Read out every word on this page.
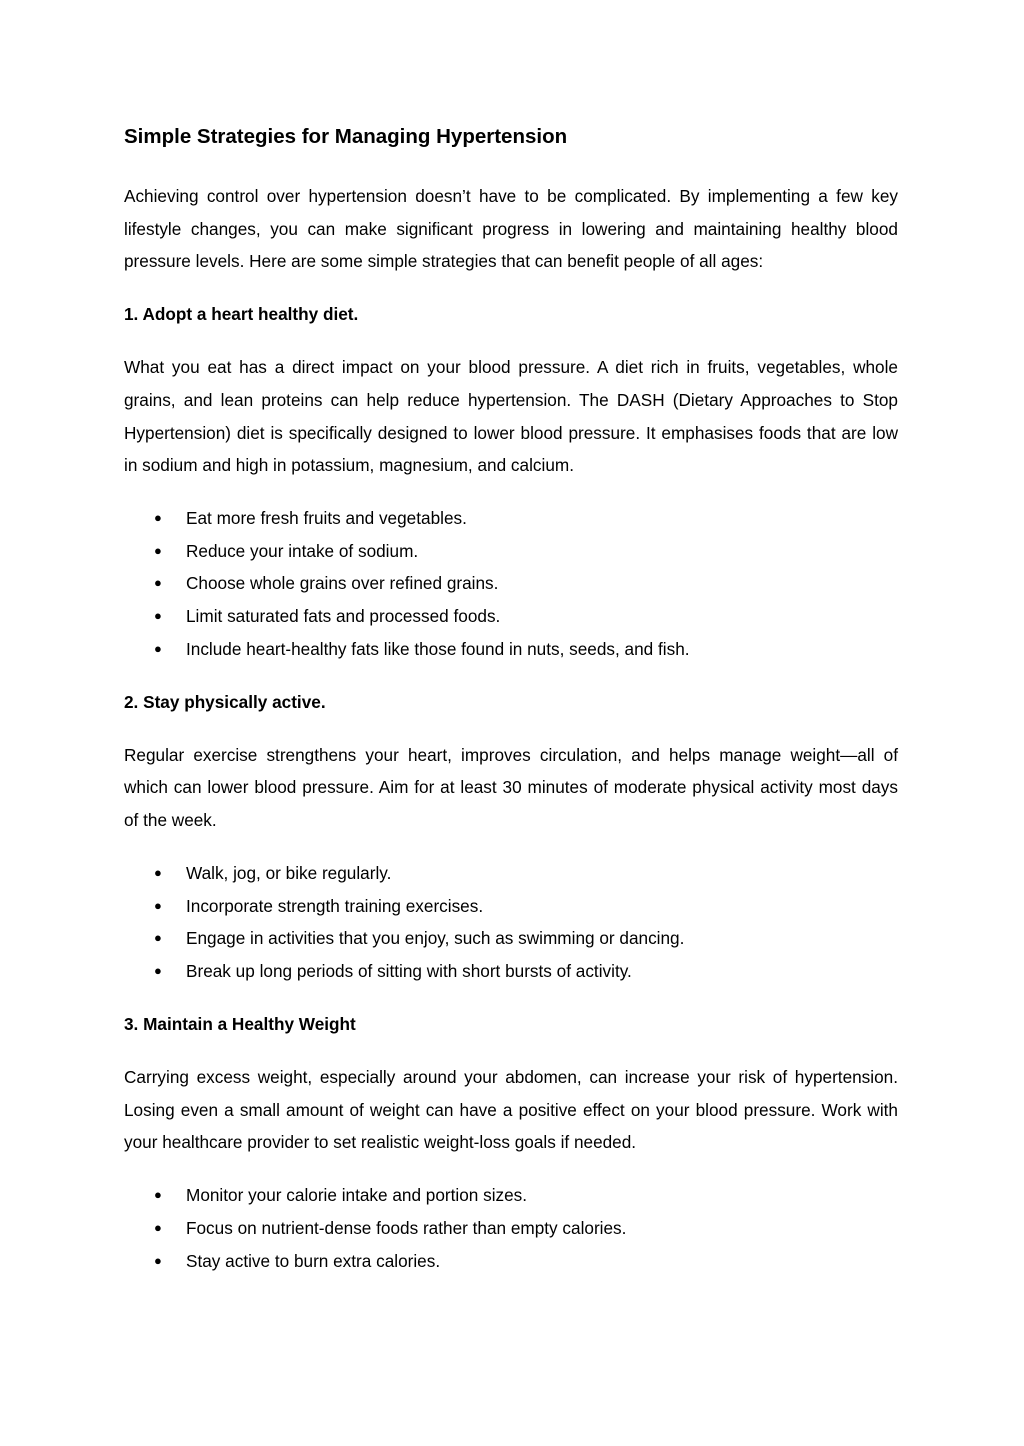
Simple Strategies for Managing Hypertension

Achieving control over hypertension doesn’t have to be complicated. By implementing a few key lifestyle changes, you can make significant progress in lowering and maintaining healthy blood pressure levels. Here are some simple strategies that can benefit people of all ages:

1. Adopt a heart healthy diet.

What you eat has a direct impact on your blood pressure. A diet rich in fruits, vegetables, whole grains, and lean proteins can help reduce hypertension. The DASH (Dietary Approaches to Stop Hypertension) diet is specifically designed to lower blood pressure. It emphasises foods that are low in sodium and high in potassium, magnesium, and calcium.

● Eat more fresh fruits and vegetables.
● Reduce your intake of sodium.
● Choose whole grains over refined grains.
● Limit saturated fats and processed foods.
● Include heart-healthy fats like those found in nuts, seeds, and fish.
2. Stay physically active.

Regular exercise strengthens your heart, improves circulation, and helps manage weight—all of which can lower blood pressure. Aim for at least 30 minutes of moderate physical activity most days of the week.

● Walk, jog, or bike regularly.
● Incorporate strength training exercises.
● Engage in activities that you enjoy, such as swimming or dancing.
● Break up long periods of sitting with short bursts of activity.
3. Maintain a Healthy Weight

Carrying excess weight, especially around your abdomen, can increase your risk of hypertension. Losing even a small amount of weight can have a positive effect on your blood pressure. Work with your healthcare provider to set realistic weight-loss goals if needed.

● Monitor your calorie intake and portion sizes.
● Focus on nutrient-dense foods rather than empty calories.
● Stay active to burn extra calories.
